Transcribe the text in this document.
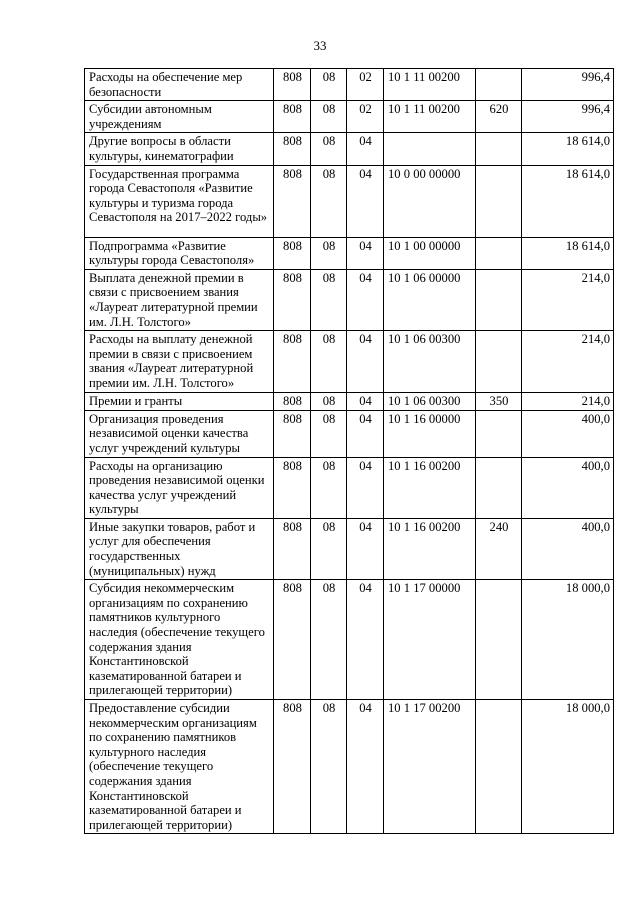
33
Расходы на обеспечение мер безопасности	808	08	02	10 1 11 00200		996,4
Субсидии автономным учреждениям	808	08	02	10 1 11 00200	620	996,4
Другие вопросы в области культуры, кинематографии	808	08	04			18 614,0
Государственная программа города Севастополя «Развитие культуры и туризма города Севастополя на 2017–2022 годы»	808	08	04	10 0 00 00000		18 614,0
Подпрограмма «Развитие культуры города Севастополя»	808	08	04	10 1 00 00000		18 614,0
Выплата денежной премии в связи с присвоением звания «Лауреат литературной премии им. Л.Н. Толстого»	808	08	04	10 1 06 00000		214,0
Расходы на выплату денежной премии в связи с присвоением звания «Лауреат литературной премии им. Л.Н. Толстого»	808	08	04	10 1 06 00300		214,0
Премии и гранты	808	08	04	10 1 06 00300	350	214,0
Организация проведения независимой оценки качества услуг учреждений культуры	808	08	04	10 1 16 00000		400,0
Расходы на организацию проведения независимой оценки качества услуг учреждений культуры	808	08	04	10 1 16 00200		400,0
Иные закупки товаров, работ и услуг для обеспечения государственных (муниципальных) нужд	808	08	04	10 1 16 00200	240	400,0
Субсидия некоммерческим организациям по сохранению памятников культурного наследия (обеспечение текущего содержания здания Константиновской казематированной батареи и прилегающей территории)	808	08	04	10 1 17 00000		18 000,0
Предоставление субсидии некоммерческим организациям по сохранению памятников культурного наследия (обеспечение текущего содержания здания Константиновской казематированной батареи и прилегающей территории)	808	08	04	10 1 17 00200		18 000,0
